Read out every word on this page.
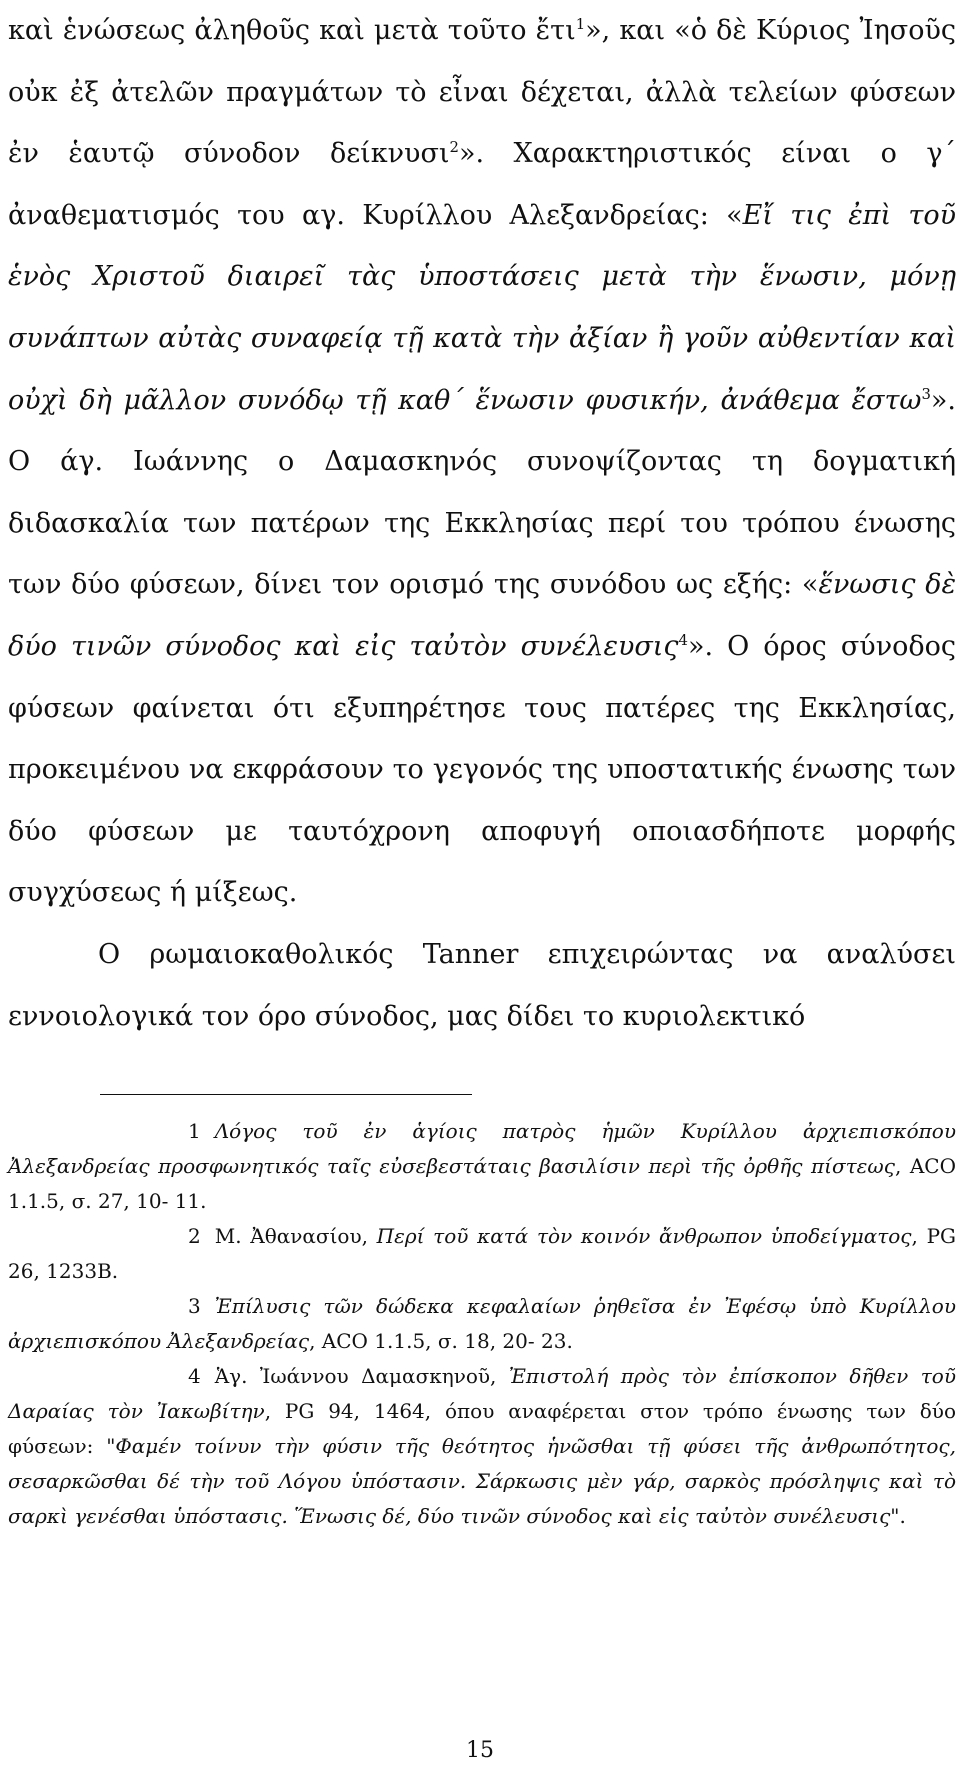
καὶ ἑνώσεως ἀληθοῦς καὶ μετὰ τοῦτο ἔτι$^1$», και «ὁ δὲ Κύριος Ἰησοῦς οὐκ ἐξ ἀτελῶν πραγμάτων τὸ εἶναι δέχεται, ἀλλὰ τελείων φύσεων ἐν ἑαυτῷ σύνοδον δείκνυσι$^2$». Χαρακτηριστικός είναι ο γ΄ ἀναθεματισμός του αγ. Κυρίλλου Αλεξανδρείας: «Εἴ τις ἐπὶ τοῦ ἑνὸς Χριστοῦ διαιρεῖ τὰς ὑποστάσεις μετὰ τὴν ἕνωσιν, μόνῃ συνάπτων αὐτὰς συναφείᾳ τῇ κατὰ τὴν ἀξίαν ἢ γοῦν αὐθεντίαν καὶ οὐχὶ δὴ μᾶλλον συνόδῳ τῇ καθ΄ ἕνωσιν φυσικήν, ἀνάθεμα ἔστω$^3$». Ο άγ. Ιωάννης ο Δαμασκηνός συνοψίζοντας τη δογματική διδασκαλία των πατέρων της Εκκλησίας περί του τρόπου ένωσης των δύο φύσεων, δίνει τον ορισμό της συνόδου ως εξής: «ἕνωσις δὲ δύο τινῶν σύνοδος καὶ εἰς ταὐτὸν συνέλευσις$^4$». Ο όρος σύνοδος φύσεων φαίνεται ότι εξυπηρέτησε τους πατέρες της Εκκλησίας, προκειμένου να εκφράσουν το γεγονός της υποστατικής ένωσης των δύο φύσεων με ταυτόχρονη αποφυγή οποιασδήποτε μορφής συγχύσεως ή μίξεως.

Ο ρωμαιοκαθολικός Tanner επιχειρώντας να αναλύσει εννοιολογικά τον όρο σύνοδος, μας δίδει το κυριολεκτικό

1 Λόγος τοῦ ἐν ἁγίοις πατρὸς ἡμῶν Κυρίλλου ἀρχιεπισκόπου Ἀλεξανδρείας προσφωνητικός ταῖς εὐσεβεστάταις βασιλίσιν περὶ τῆς ὀρθῆς πίστεως, ACO 1.1.5, σ. 27, 10- 11.

2 Μ. Ἀθανασίου, Περί τοῦ κατά τὸν κοινόν ἄνθρωπον ὑποδείγματος, PG 26, 1233B.

3 Ἐπίλυσις τῶν δώδεκα κεφαλαίων ῥηθεῖσα ἐν Ἐφέσῳ ὑπὸ Κυρίλλου ἀρχιεπισκόπου Ἀλεξανδρείας, ACO 1.1.5, σ. 18, 20- 23.

4 Ἁγ. Ἰωάννου Δαμασκηνοῦ, Ἐπιστολή πρὸς τὸν ἐπίσκοπον δῆθεν τοῦ Δαραίας τὸν Ἰακωβίτην, PG 94, 1464, όπου αναφέρεται στον τρόπο ένωσης των δύο φύσεων: "Φαμέν τοίνυν τὴν φύσιν τῆς θεότητος ἡνῶσθαι τῇ φύσει τῆς ἀνθρωπότητος, σεσαρκῶσθαι δέ τὴν τοῦ Λόγου ὑπόστασιν. Σάρκωσις μὲν γάρ, σαρκὸς πρόσληψις καὶ τὸ σαρκὶ γενέσθαι ὑπόστασις. Ἕνωσις δέ, δύο τινῶν σύνοδος καὶ εἰς ταὐτὸν συνέλευσις".

15
